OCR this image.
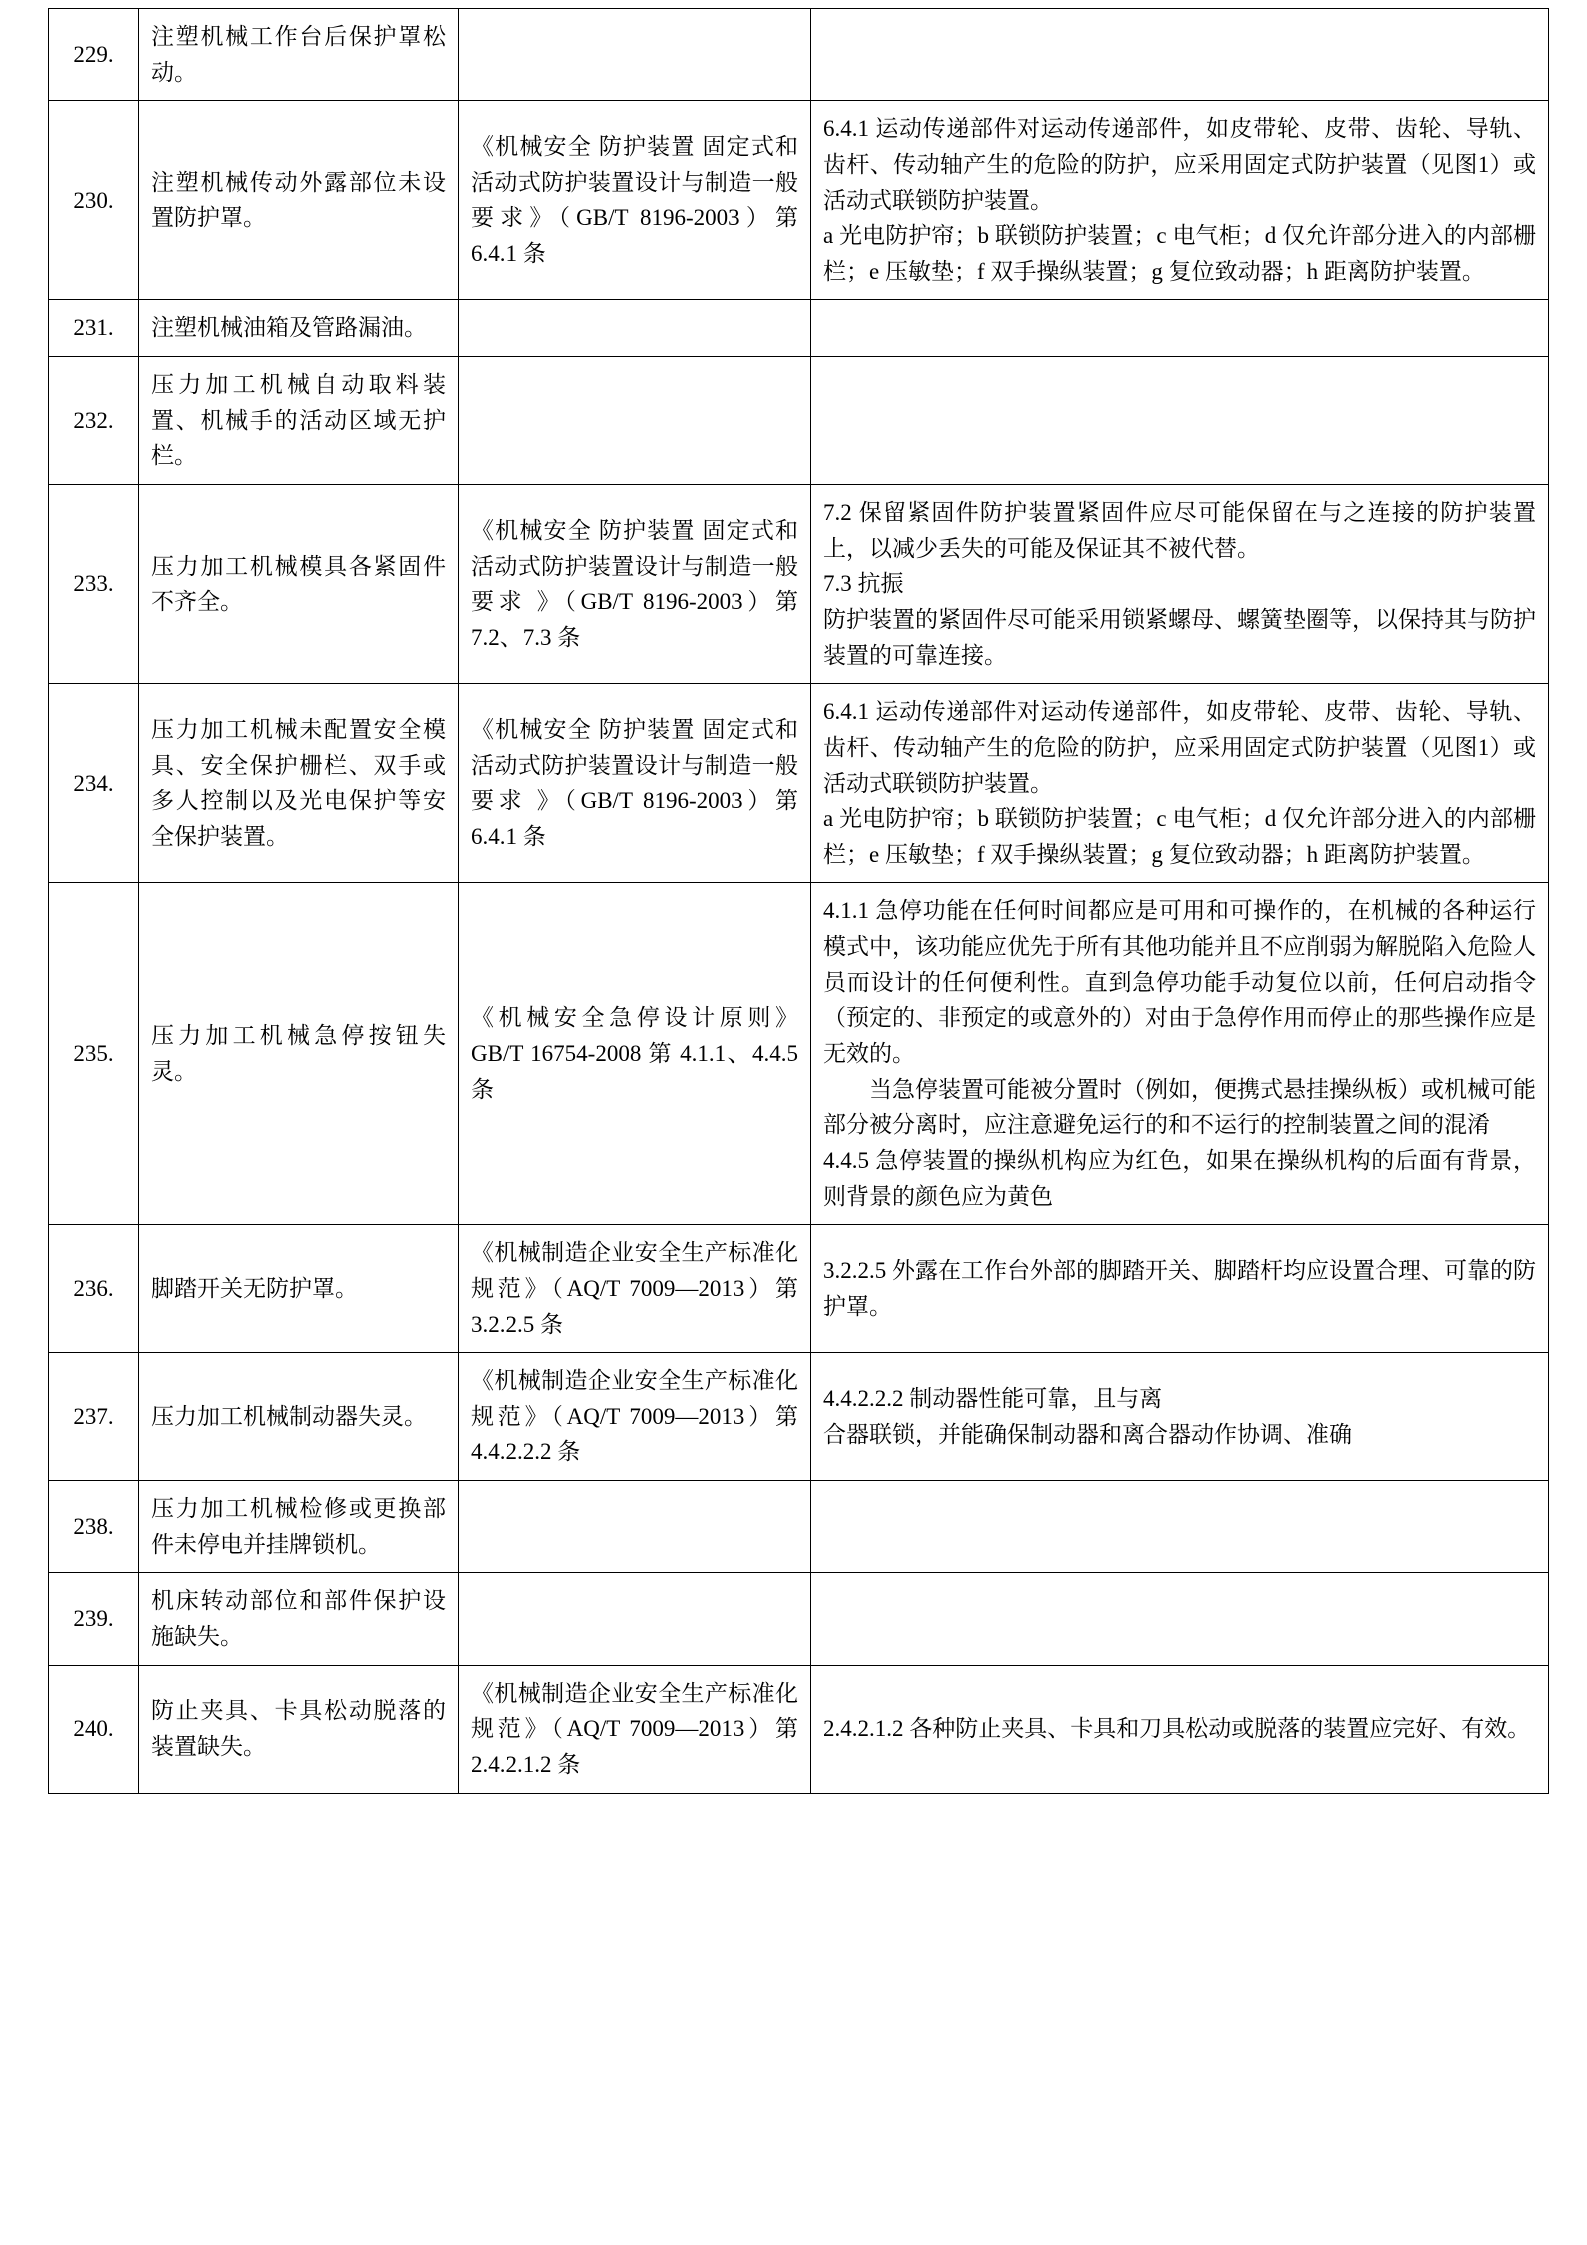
229.	注塑机械工作台后保护罩松动。		
230.	注塑机械传动外露部位未设置防护罩。	《机械安全 防护装置 固定式和活动式防护装置设计与制造一般要求》（GB/T 8196-2003）第 6.4.1 条	6.4.1 运动传递部件对运动传递部件，如皮带轮、皮带、齿轮、导轨、齿杆、传动轴产生的危险的防护，应采用固定式防护装置（见图1）或活动式联锁防护装置。

a 光电防护帘；b 联锁防护装置；c 电气柜；d 仅允许部分进入的内部栅栏；e 压敏垫；f 双手操纵装置；g 复位致动器；h 距离防护装置。

231.	注塑机械油箱及管路漏油。		
232.	压力加工机械自动取料装置、机械手的活动区域无护栏。		
233.	压力加工机械模具各紧固件不齐全。	《机械安全 防护装置 固定式和活动式防护装置设计与制造一般要求 》（GB/T 8196-2003）第 7.2、7.3 条	7.2 保留紧固件防护装置紧固件应尽可能保留在与之连接的防护装置上，以减少丢失的可能及保证其不被代替。

7.3 抗振

防护装置的紧固件尽可能采用锁紧螺母、螺簧垫圈等，以保持其与防护装置的可靠连接。

234.	压力加工机械未配置安全模具、安全保护栅栏、双手或多人控制以及光电保护等安全保护装置。	《机械安全 防护装置 固定式和活动式防护装置设计与制造一般要求 》（GB/T 8196-2003）第 6.4.1 条	6.4.1 运动传递部件对运动传递部件，如皮带轮、皮带、齿轮、导轨、齿杆、传动轴产生的危险的防护，应采用固定式防护装置（见图1）或活动式联锁防护装置。

a 光电防护帘；b 联锁防护装置；c 电气柜；d 仅允许部分进入的内部栅栏；e 压敏垫；f 双手操纵装置；g 复位致动器；h 距离防护装置。

235.	压力加工机械急停按钮失灵。	《机械安全急停设计原则》GB/T 16754-2008 第 4.1.1、4.4.5 条	4.1.1 急停功能在任何时间都应是可用和可操作的，在机械的各种运行模式中，该功能应优先于所有其他功能并且不应削弱为解脱陷入危险人员而设计的任何便利性。直到急停功能手动复位以前，任何启动指令（预定的、非预定的或意外的）对由于急停作用而停止的那些操作应是无效的。

当急停装置可能被分置时（例如，便携式悬挂操纵板）或机械可能部分被分离时，应注意避免运行的和不运行的控制装置之间的混淆

4.4.5 急停装置的操纵机构应为红色，如果在操纵机构的后面有背景，则背景的颜色应为黄色

236.	脚踏开关无防护罩。	《机械制造企业安全生产标准化规范》（AQ/T 7009—2013）第 3.2.2.5 条	3.2.2.5 外露在工作台外部的脚踏开关、脚踏杆均应设置合理、可靠的防护罩。

237.	压力加工机械制动器失灵。	《机械制造企业安全生产标准化规范》（AQ/T 7009—2013）第 4.4.2.2.2 条	4.4.2.2.2 制动器性能可靠，且与离

合器联锁，并能确保制动器和离合器动作协调、准确

238.	压力加工机械检修或更换部件未停电并挂牌锁机。		
239.	机床转动部位和部件保护设施缺失。		
240.	防止夹具、卡具松动脱落的装置缺失。	《机械制造企业安全生产标准化规范》（AQ/T 7009—2013）第 2.4.2.1.2 条	2.4.2.1.2 各种防止夹具、卡具和刀具松动或脱落的装置应完好、有效。
